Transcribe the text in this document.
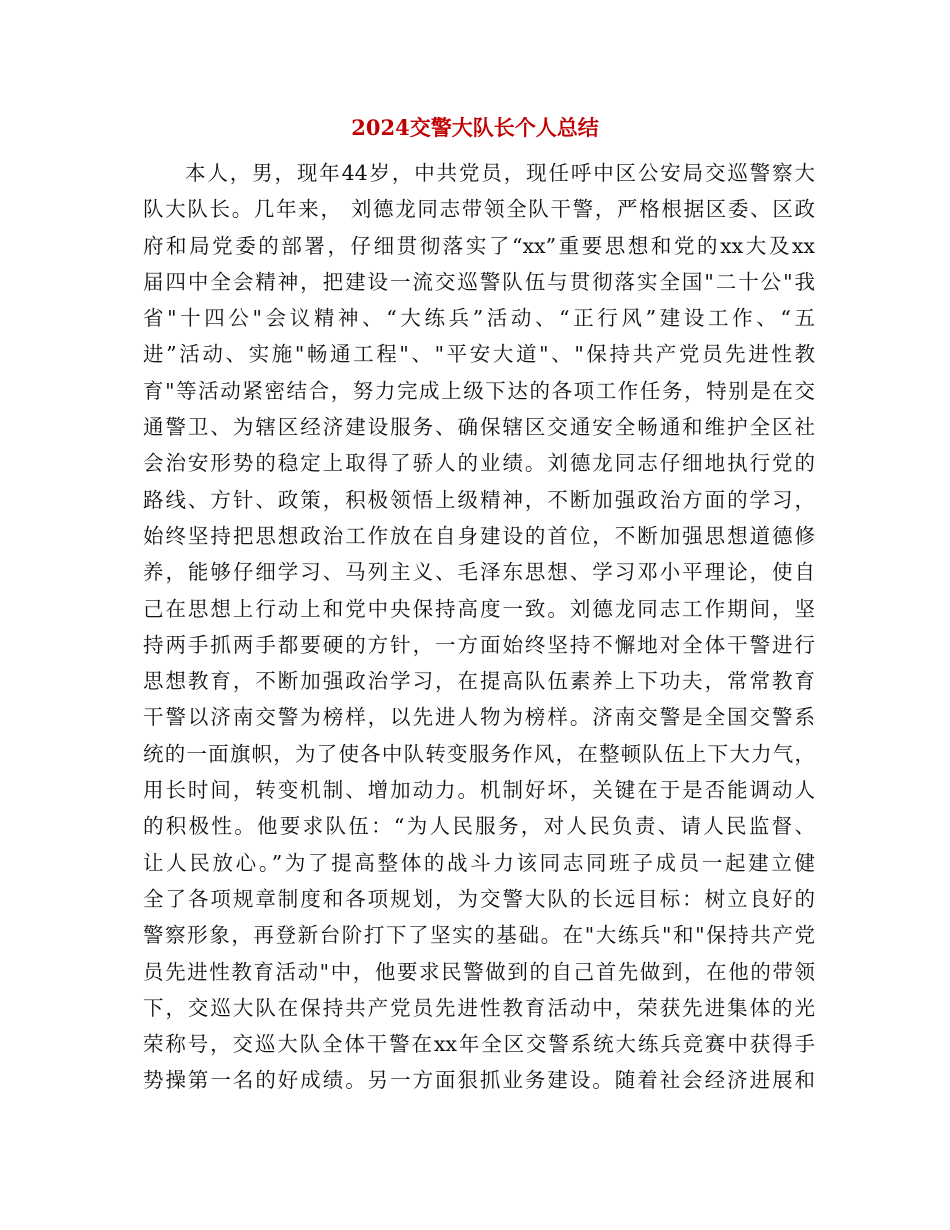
2024交警大队长个人总结
本人，男，现年44岁，中共党员，现任呼中区公安局交巡警察大
队大队长。几年来， 刘德龙同志带领全队干警，严格根据区委、区政
府和局党委的部署，仔细贯彻落实了“xx”重要思想和党的xx大及xx
届四中全会精神，把建设一流交巡警队伍与贯彻落实全国"二十公"我
省"十四公"会议精神、“大练兵”活动、“正行风”建设工作、“五
进”活动、实施"畅通工程"、"平安大道"、"保持共产党员先进性教
育"等活动紧密结合，努力完成上级下达的各项工作任务，特别是在交
通警卫、为辖区经济建设服务、确保辖区交通安全畅通和维护全区社
会治安形势的稳定上取得了骄人的业绩。刘德龙同志仔细地执行党的
路线、方针、政策，积极领悟上级精神，不断加强政治方面的学习，
始终坚持把思想政治工作放在自身建设的首位，不断加强思想道德修
养，能够仔细学习、马列主义、毛泽东思想、学习邓小平理论，使自
己在思想上行动上和党中央保持高度一致。刘德龙同志工作期间，坚
持两手抓两手都要硬的方针，一方面始终坚持不懈地对全体干警进行
思想教育，不断加强政治学习，在提高队伍素养上下功夫，常常教育
干警以济南交警为榜样，以先进人物为榜样。济南交警是全国交警系
统的一面旗帜，为了使各中队转变服务作风，在整顿队伍上下大力气，
用长时间，转变机制、增加动力。机制好坏，关键在于是否能调动人
的积极性。他要求队伍：“为人民服务，对人民负责、请人民监督、
让人民放心。”为了提高整体的战斗力该同志同班子成员一起建立健
全了各项规章制度和各项规划，为交警大队的长远目标：树立良好的
警察形象，再登新台阶打下了坚实的基础。在"大练兵"和"保持共产党
员先进性教育活动"中，他要求民警做到的自己首先做到，在他的带领
下，交巡大队在保持共产党员先进性教育活动中，荣获先进集体的光
荣称号，交巡大队全体干警在xx年全区交警系统大练兵竞赛中获得手
势操第一名的好成绩。另一方面狠抓业务建设。随着社会经济进展和
